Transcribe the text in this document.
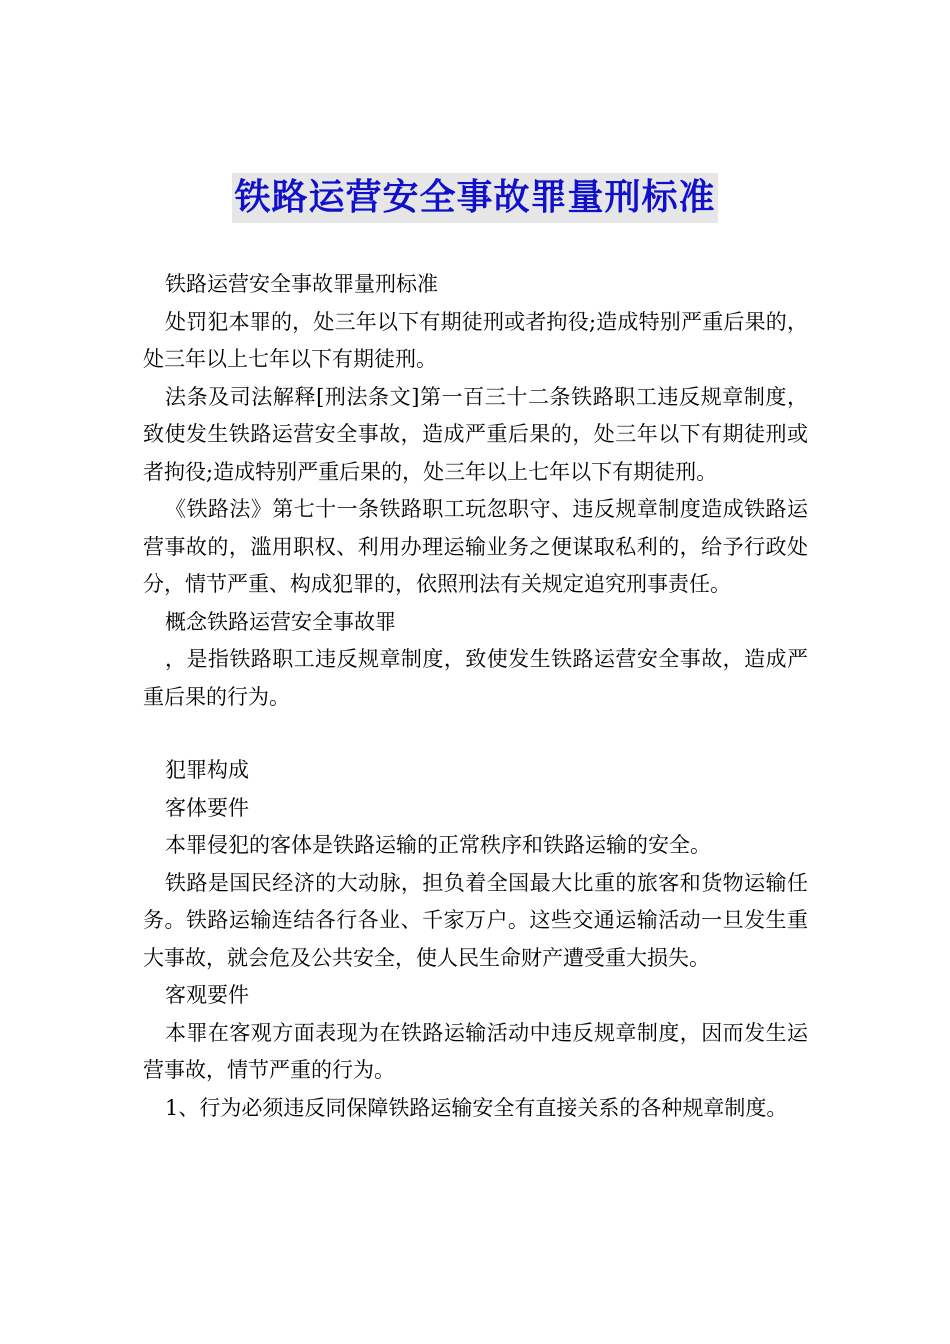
铁路运营安全事故罪量刑标准

铁路运营安全事故罪量刑标准

处罚犯本罪的，处三年以下有期徒刑或者拘役;造成特别严重后果的，处三年以上七年以下有期徒刑。

法条及司法解释[刑法条文]第一百三十二条铁路职工违反规章制度，致使发生铁路运营安全事故，造成严重后果的，处三年以下有期徒刑或者拘役;造成特别严重后果的，处三年以上七年以下有期徒刑。

《铁路法》第七十一条铁路职工玩忽职守、违反规章制度造成铁路运营事故的，滥用职权、利用办理运输业务之便谋取私利的，给予行政处分，情节严重、构成犯罪的，依照刑法有关规定追究刑事责任。

概念铁路运营安全事故罪

，是指铁路职工违反规章制度，致使发生铁路运营安全事故，造成严重后果的行为。

犯罪构成

客体要件

本罪侵犯的客体是铁路运输的正常秩序和铁路运输的安全。

铁路是国民经济的大动脉，担负着全国最大比重的旅客和货物运输任务。铁路运输连结各行各业、千家万户。这些交通运输活动一旦发生重大事故，就会危及公共安全，使人民生命财产遭受重大损失。

客观要件

本罪在客观方面表现为在铁路运输活动中违反规章制度，因而发生运营事故，情节严重的行为。

1、行为必须违反同保障铁路运输安全有直接关系的各种规章制度。
